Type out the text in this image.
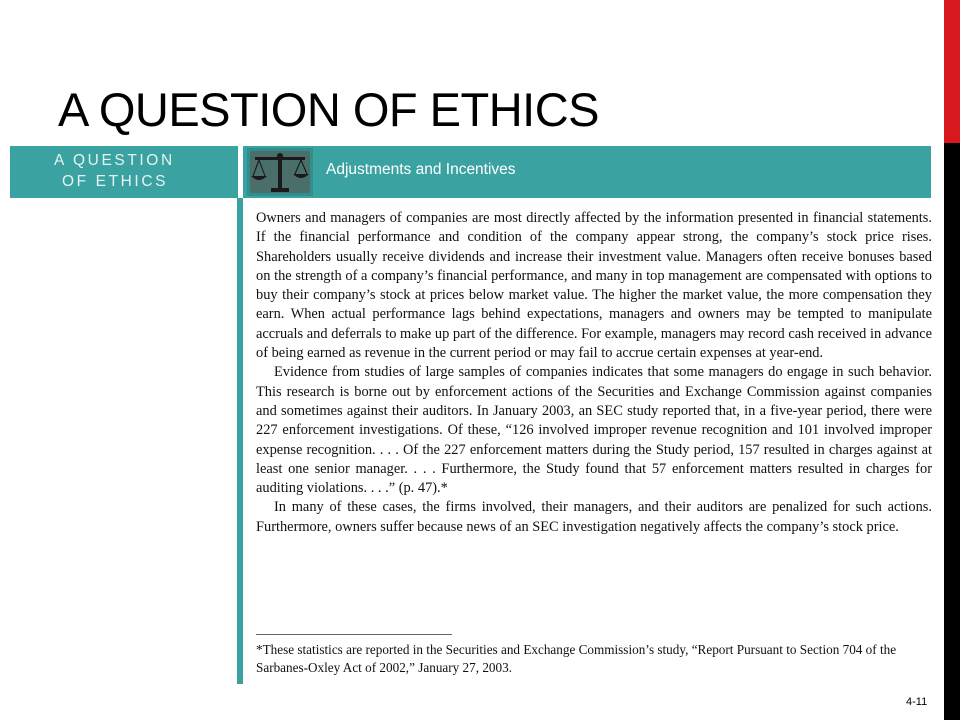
A QUESTION OF ETHICS
A QUESTION
OF ETHICS
Adjustments and Incentives

Owners and managers of companies are most directly affected by the information presented in financial statements. If the financial performance and condition of the company appear strong, the company’s stock price rises. Shareholders usually receive dividends and increase their investment value. Managers often receive bonuses based on the strength of a company’s financial performance, and many in top management are compensated with options to buy their company’s stock at prices below market value. The higher the market value, the more compensation they earn. When actual performance lags behind expectations, managers and owners may be tempted to manipulate accruals and deferrals to make up part of the difference. For example, managers may record cash received in advance of being earned as revenue in the current period or may fail to accrue certain expenses at year-end.

Evidence from studies of large samples of companies indicates that some managers do engage in such behavior. This research is borne out by enforcement actions of the Securities and Exchange Commission against companies and sometimes against their auditors. In January 2003, an SEC study reported that, in a five-year period, there were 227 enforcement investigations. Of these, “126 involved improper revenue recognition and 101 involved improper expense recognition. . . . Of the 227 enforcement matters during the Study period, 157 resulted in charges against at least one senior manager. . . . Furthermore, the Study found that 57 enforcement matters resulted in charges for auditing violations. . . .” (p. 47).*

In many of these cases, the firms involved, their managers, and their auditors are penalized for such actions. Furthermore, owners suffer because news of an SEC investigation negatively affects the company’s stock price.

*These statistics are reported in the Securities and Exchange Commission’s study, “Report Pursuant to Section 704 of the Sarbanes-Oxley Act of 2002,” January 27, 2003.
4-11
